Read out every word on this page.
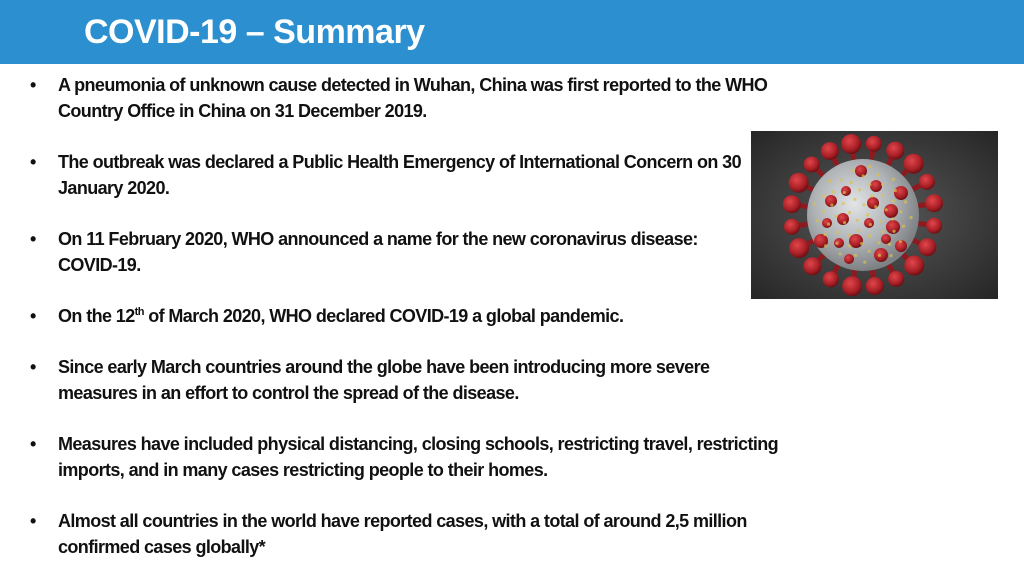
COVID-19 – Summary
• A pneumonia of unknown cause detected in Wuhan, China was first reported to the WHO Country Office in China on 31 December 2019.
• The outbreak was declared a Public Health Emergency of International Concern on 30 January 2020.
• On 11 February 2020, WHO announced a name for the new coronavirus disease: COVID-19.
• On the 12th of March 2020, WHO declared COVID-19 a global pandemic.
• Since early March countries around the globe have been introducing more severe measures in an effort to control the spread of the disease.
• Measures have included physical distancing, closing schools, restricting travel, restricting imports, and in many cases restricting people to their homes.
• Almost all countries in the world have reported cases, with a total of around 2,5 million confirmed cases globally*
